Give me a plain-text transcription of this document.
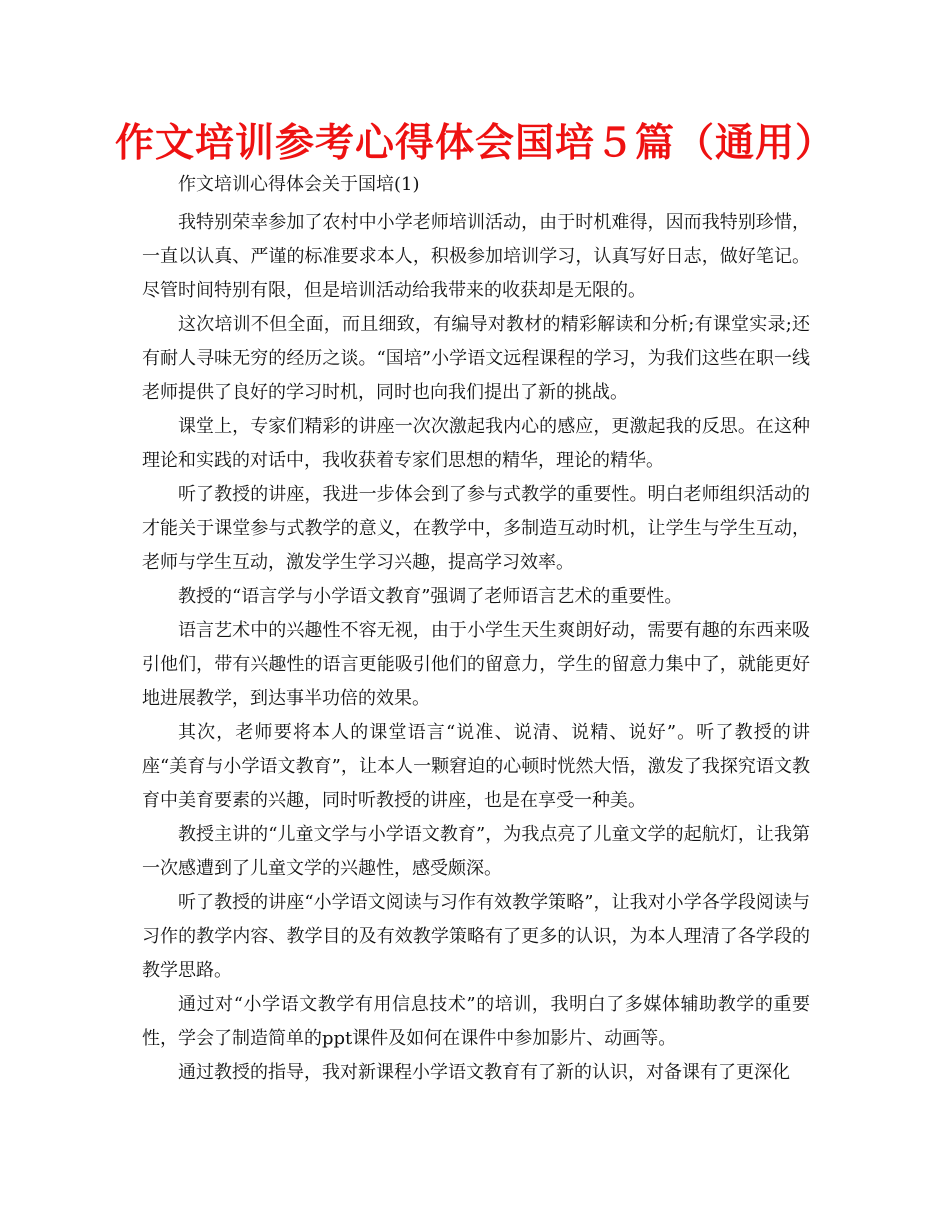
作文培训参考心得体会国培５篇（通用）

作文培训心得体会关于国培(1)

我特别荣幸参加了农村中小学老师培训活动，由于时机难得，因而我特别珍惜，一直以认真、严谨的标准要求本人，积极参加培训学习，认真写好日志，做好笔记。尽管时间特别有限，但是培训活动给我带来的收获却是无限的。

这次培训不但全面，而且细致，有编导对教材的精彩解读和分析;有课堂实录;还有耐人寻味无穷的经历之谈。“国培”小学语文远程课程的学习，为我们这些在职一线老师提供了良好的学习时机，同时也向我们提出了新的挑战。

课堂上，专家们精彩的讲座一次次激起我内心的感应，更激起我的反思。在这种理论和实践的对话中，我收获着专家们思想的精华，理论的精华。

听了教授的讲座，我进一步体会到了参与式教学的重要性。明白老师组织活动的才能关于课堂参与式教学的意义，在教学中，多制造互动时机，让学生与学生互动，老师与学生互动，激发学生学习兴趣，提高学习效率。

教授的“语言学与小学语文教育”强调了老师语言艺术的重要性。

语言艺术中的兴趣性不容无视，由于小学生天生爽朗好动，需要有趣的东西来吸引他们，带有兴趣性的语言更能吸引他们的留意力，学生的留意力集中了，就能更好地进展教学，到达事半功倍的效果。

其次，老师要将本人的课堂语言“说准、说清、说精、说好”。听了教授的讲座“美育与小学语文教育”，让本人一颗窘迫的心顿时恍然大悟，激发了我探究语文教育中美育要素的兴趣，同时听教授的讲座，也是在享受一种美。

教授主讲的“儿童文学与小学语文教育”，为我点亮了儿童文学的起航灯，让我第一次感遭到了儿童文学的兴趣性，感受颇深。

听了教授的讲座“小学语文阅读与习作有效教学策略”，让我对小学各学段阅读与习作的教学内容、教学目的及有效教学策略有了更多的认识，为本人理清了各学段的教学思路。

通过对“小学语文教学有用信息技术”的培训，我明白了多媒体辅助教学的重要性，学会了制造简单的ppt课件及如何在课件中参加影片、动画等。

通过教授的指导，我对新课程小学语文教育有了新的认识，对备课有了更深化
